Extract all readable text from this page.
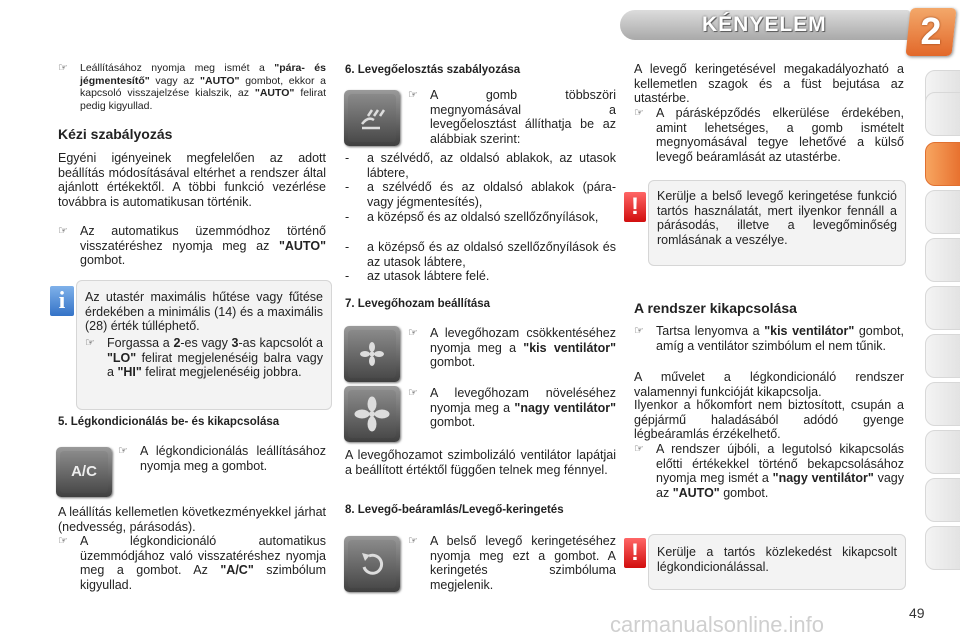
KÉNYELEM	2
☞	Leállításához nyomja meg ismét a "pára- és jégmentesítő" vagy az "AUTO" gombot, ekkor a kapcsoló visszajelzése kialszik, az "AUTO" felirat pedig kigyullad.
Kézi szabályozás
Egyéni igényeinek megfelelően az adott beállítás módosításával eltérhet a rendszer által ajánlott értékektől. A többi funkció vezérlése továbbra is automatikusan történik.
☞ Az automatikus üzemmódhoz történő visszatéréshez nyomja meg az "AUTO" gombot.
Az utastér maximális hűtése vagy fűtése érdekében a minimális (14) és a maximális (28) érték túlléphető.
☞ Forgassa a 2-es vagy 3-as kapcsolót a "LO" felirat megjelenéséig balra vagy a "HI" felirat megjelenéséig jobbra.
i
5. Légkondicionálás be- és kikapcsolása
A/C
☞ A légkondicionálás leállításához nyomja meg a gombot.
A leállítás kellemetlen következményekkel járhat (nedvesség, párásodás).
☞ A légkondicionáló automatikus üzemmódjához való visszatéréshez nyomja meg a gombot. Az "A/C" szimbólum kigyullad.
6. Levegőelosztás szabályozása
☞ A gomb többszöri megnyomásával a levegőelosztást állíthatja be az alábbiak szerint:
-	a szélvédő, az oldalsó ablakok, az utasok lábtere,
-	a szélvédő és az oldalsó ablakok (pára- vagy jégmentesítés),
-	a középső és az oldalsó szellőzőnyílások,
-	a középső és az oldalsó szellőzőnyílások és az utasok lábtere,
-	az utasok lábtere felé.
7. Levegőhozam beállítása
☞ A levegőhozam csökkentéséhez nyomja meg a "kis ventilátor" gombot.
☞ A levegőhozam növeléséhez nyomja meg a "nagy ventilátor" gombot.
A levegőhozamot szimbolizáló ventilátor lapátjai a beállított értéktől függően telnek meg fénnyel.
8. Levegő-beáramlás/Levegő-keringetés
☞ A belső levegő keringetéséhez nyomja meg ezt a gombot. A keringetés szimbóluma megjelenik.
A levegő keringetésével megakadályozható a kellemetlen szagok és a füst bejutása az utastérbe.
☞ A párásképződés elkerülése érdekében, amint lehetséges, a gomb ismételt megnyomásával tegye lehetővé a külső levegő beáramlását az utastérbe.
Kerülje a belső levegő keringetése funkció tartós használatát, mert ilyenkor fennáll a párásodás, illetve a levegőminőség romlásának a veszélye.
!
A rendszer kikapcsolása
☞ Tartsa lenyomva a "kis ventilátor" gombot, amíg a ventilátor szimbólum el nem tűnik.
A művelet a légkondicionáló rendszer valamennyi funkcióját kikapcsolja.
Ilyenkor a hőkomfort nem biztosított, csupán a gépjármű haladásából adódó gyenge légbeáramlás érzékelhető.
☞ A rendszer újbóli, a legutolsó kikapcsolás előtti értékekkel történő bekapcsolásához nyomja meg ismét a "nagy ventilátor" vagy az "AUTO" gombot.
Kerülje a tartós közlekedést kikapcsolt légkondicionálással.
!
carmanualsonline.info	49
